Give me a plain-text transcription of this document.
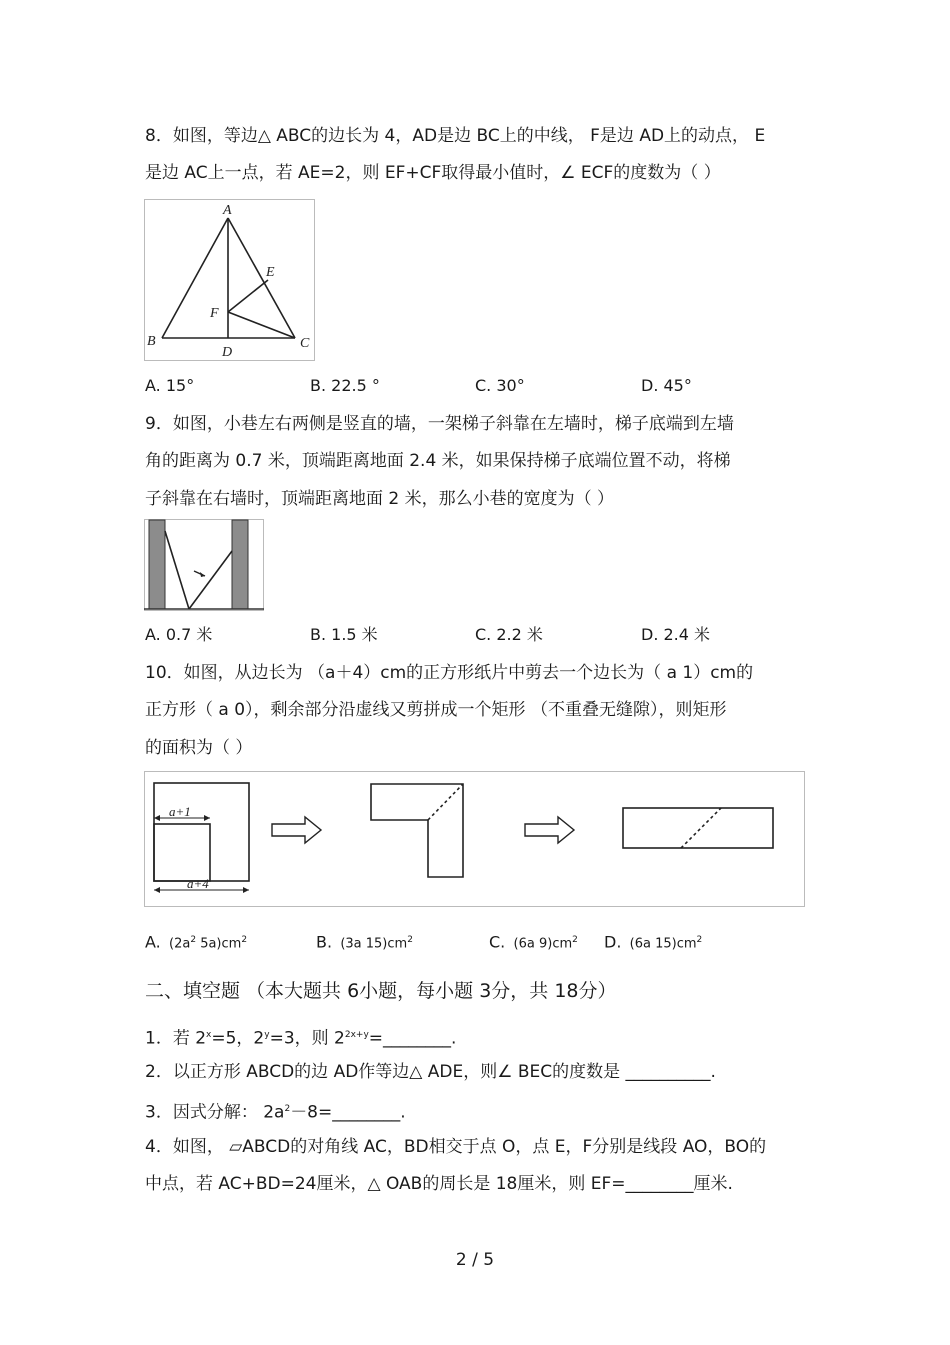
8．如图，等边△ ABC的边长为 4，AD是边 BC上的中线， F是边 AD上的动点， E
是边 AC上一点，若 AE=2，则 EF+CF取得最小值时，∠ ECF的度数为（ ）
A
B	C
D
E
F
A. 15°	B. 22.5 °	C. 30°	D. 45°
9．如图，小巷左右两侧是竖直的墙，一架梯子斜靠在左墙时，梯子底端到左墙
角的距离为 0.7 米，顶端距离地面 2.4 米，如果保持梯子底端位置不动，将梯
子斜靠在右墙时，顶端距离地面 2 米，那么小巷的宽度为（ ）
A. 0.7 米	B. 1.5 米	C. 2.2 米	D. 2.4 米
10．如图，从边长为 （a＋4）cm的正方形纸片中剪去一个边长为（ a 1）cm的
正方形（ a 0），剩余部分沿虚线又剪拼成一个矩形 （不重叠无缝隙），则矩形
的面积为（ ）
a+1
a+4
A. ($2a^2$ $5a)cm^2$	B. (3a $15)cm^2$	C. (6a $9)cm^2$ D. (6a $15)cm^2$
二、填空题 （本大题共 6小题，每小题 3分，共 18分）
1．若 $2^x=5$，$2^y=3$，则 $2^{2x+y}=\_\_\_\_\_\_\_\_$.
2．以正方形 ABCD的边 AD作等边△ ADE，则∠ BEC的度数是 __________.
3．因式分解： $2a^2-8=\_\_\_\_\_\_\_\_$.
4．如图， ▱ABCD的对角线 AC，BD相交于点 O，点 E，F分别是线段 AO，BO的
中点，若 AC+BD=24厘米，△ OAB的周长是 18厘米，则 EF=________厘米.
2 / 5
